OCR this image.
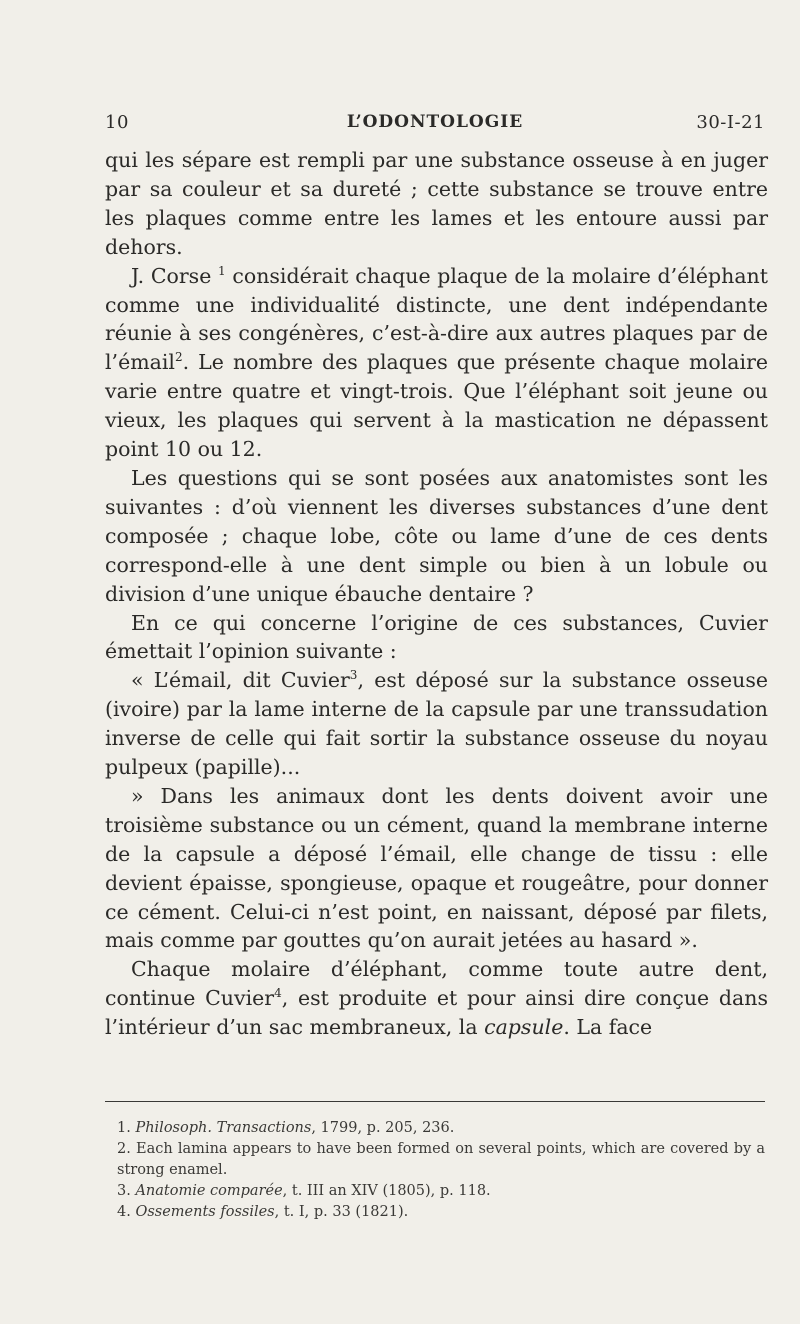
10	L’ODONTOLOGIE	30-I-21

qui les sépare est rempli par une substance osseuse à en juger par sa couleur et sa dureté ; cette substance se trouve entre les plaques comme entre les lames et les entoure aussi par dehors.

J. Corse $^1$ considérait chaque plaque de la molaire d’éléphant comme une individualité distincte, une dent indépendante réunie à ses congénères, c’est-à-dire aux autres plaques par de l’émail$^2$. Le nombre des plaques que présente chaque molaire varie entre quatre et vingt-trois. Que l’éléphant soit jeune ou vieux, les plaques qui servent à la mastication ne dépassent point 10 ou 12.

Les questions qui se sont posées aux anatomistes sont les suivantes : d’où viennent les diverses substances d’une dent composée ; chaque lobe, côte ou lame d’une de ces dents correspond-elle à une dent simple ou bien à un lobule ou division d’une unique ébauche dentaire ?

En ce qui concerne l’origine de ces substances, Cuvier émettait l’opinion suivante :

« L’émail, dit Cuvier$^3$, est déposé sur la substance osseuse (ivoire) par la lame interne de la capsule par une transsudation inverse de celle qui fait sortir la substance osseuse du noyau pulpeux (papille)...

» Dans les animaux dont les dents doivent avoir une troisième substance ou un cément, quand la membrane interne de la capsule a déposé l’émail, elle change de tissu : elle devient épaisse, spongieuse, opaque et rougeâtre, pour donner ce cément. Celui-ci n’est point, en naissant, déposé par filets, mais comme par gouttes qu’on aurait jetées au hasard ».

Chaque molaire d’éléphant, comme toute autre dent, continue Cuvier$^4$, est produite et pour ainsi dire conçue dans l’intérieur d’un sac membraneux, la capsule. La face

1. Philosoph. Transactions, 1799, p. 205, 236.

2. Each lamina appears to have been formed on several points, which are covered by a strong enamel.

3. Anatomie comparée, t. III an XIV (1805), p. 118.

4. Ossements fossiles, t. I, p. 33 (1821).
